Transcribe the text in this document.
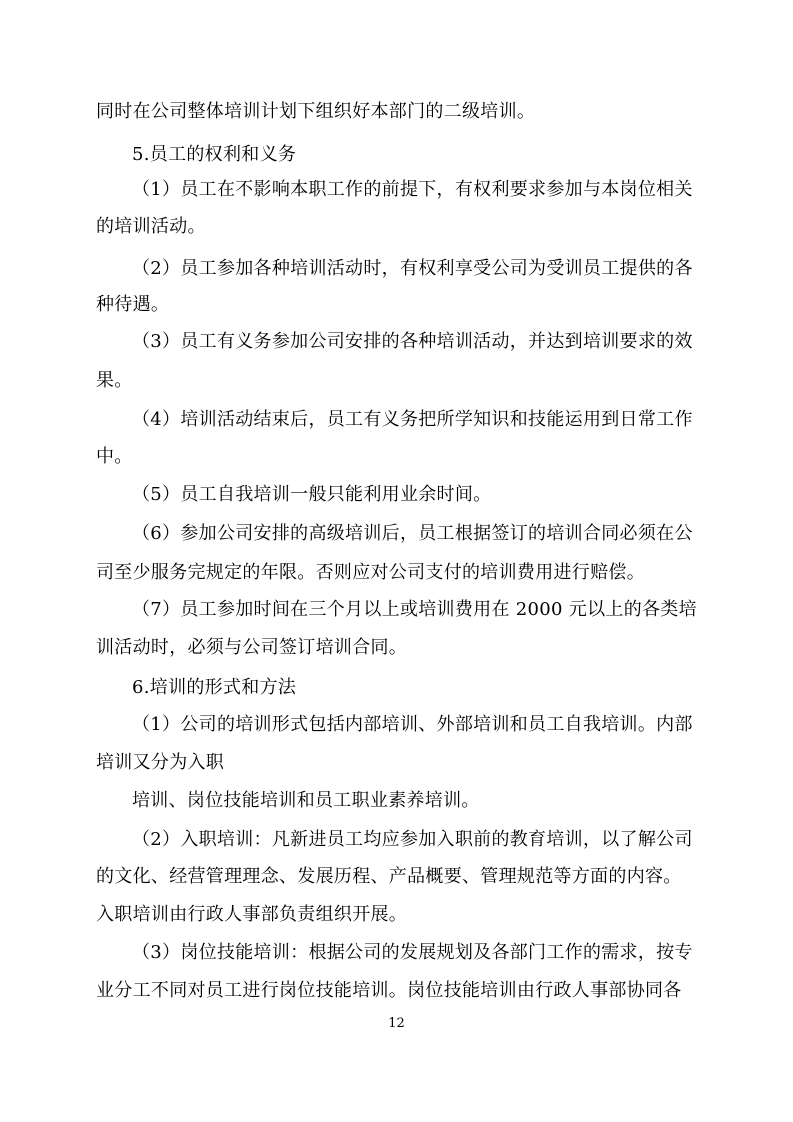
同时在公司整体培训计划下组织好本部门的二级培训。
5.员工的权利和义务
（1）员工在不影响本职工作的前提下，有权利要求参加与本岗位相关
的培训活动。
（2）员工参加各种培训活动时，有权利享受公司为受训员工提供的各
种待遇。
（3）员工有义务参加公司安排的各种培训活动，并达到培训要求的效
果。
（4）培训活动结束后，员工有义务把所学知识和技能运用到日常工作
中。
（5）员工自我培训一般只能利用业余时间。
（6）参加公司安排的高级培训后，员工根据签订的培训合同必须在公
司至少服务完规定的年限。否则应对公司支付的培训费用进行赔偿。
（7）员工参加时间在三个月以上或培训费用在 2000 元以上的各类培
训活动时，必须与公司签订培训合同。
6.培训的形式和方法
（1）公司的培训形式包括内部培训、外部培训和员工自我培训。内部
培训又分为入职
培训、岗位技能培训和员工职业素养培训。
（2）入职培训：凡新进员工均应参加入职前的教育培训，以了解公司
的文化、经营管理理念、发展历程、产品概要、管理规范等方面的内容。
入职培训由行政人事部负责组织开展。
（3）岗位技能培训：根据公司的发展规划及各部门工作的需求，按专
业分工不同对员工进行岗位技能培训。岗位技能培训由行政人事部协同各
12
